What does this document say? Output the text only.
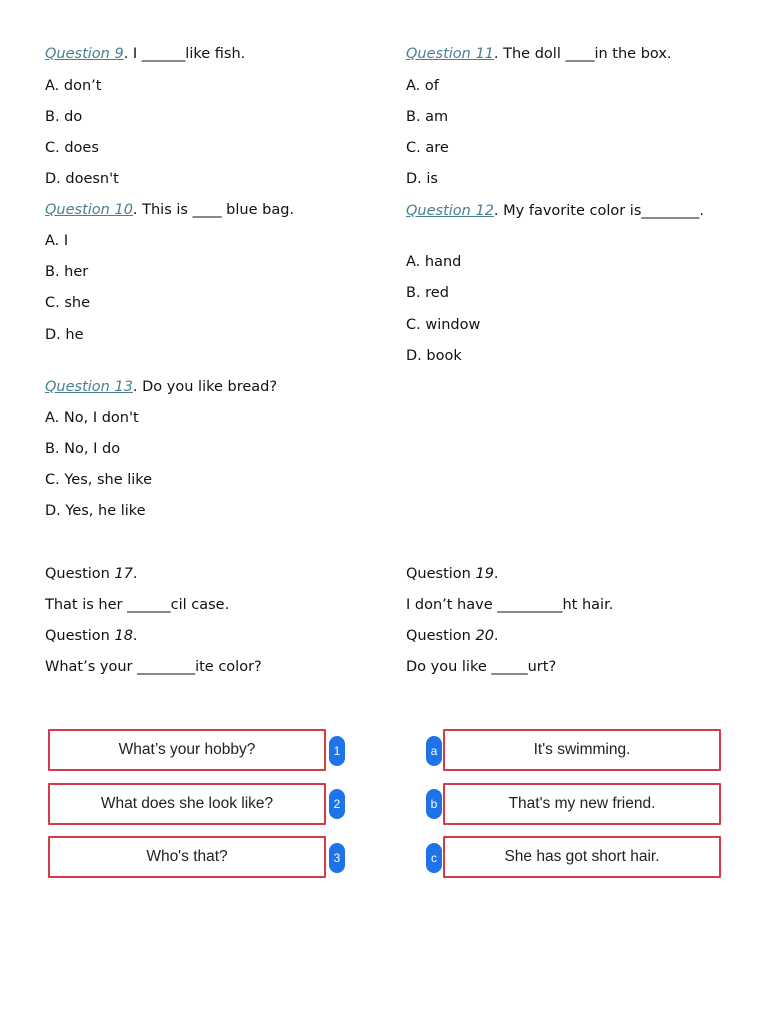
Question 9. I ______like fish.
A. don’t
B. do
C. does
D. doesn't
Question 10. This is ____ blue bag.
A. I
B. her
C. she
D. he
Question 11. The doll ____in the box.
A. of
B. am
C. are
D. is
Question 12. My favorite color is________.
A. hand
B. red
C. window
D. book
Question 13. Do you like bread?
A. No, I don't
B. No, I do
C. Yes, she like
D. Yes, he like
Question 17.
That is her ______cil case.
Question 18.
What’s your ________ite color?
Question 19.
I don’t have _________ht hair.
Question 20.
Do you like _____urt?
What’s your hobby?	1
What does she look like?	2
Who's that?	3
a	It's swimming.
b	That's my new friend.
c	She has got short hair.
